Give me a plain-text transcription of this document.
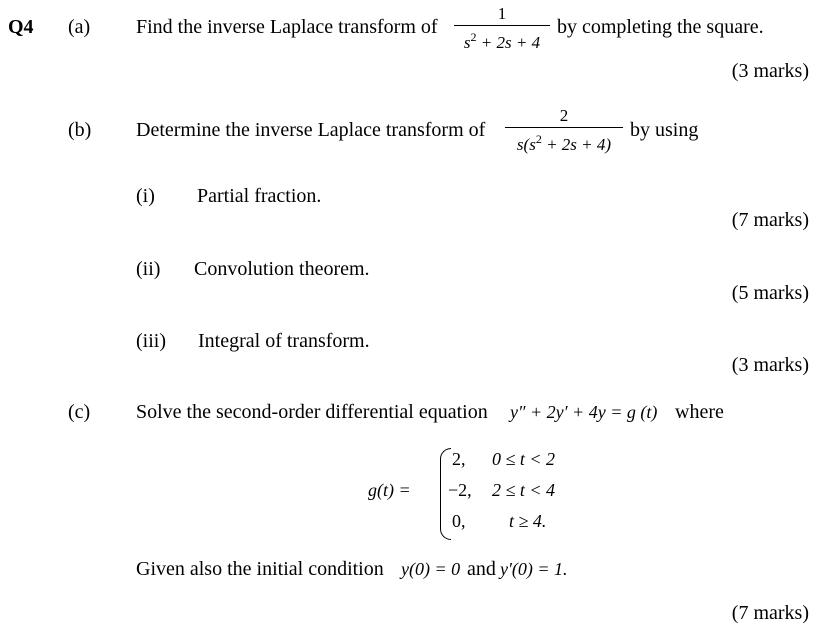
Q4 (a) Find the inverse Laplace transform of
1
$s^2 + 2s + 4$
by completing the square.
(3 marks)
(b) Determine the inverse Laplace transform of
2
$s(s^2 + 2s + 4)$
by using
(i) Partial fraction.
(7 marks)
(ii) Convolution theorem.
(5 marks)
(iii) Integral of transform.
(3 marks)
(c) Solve the second-order differential equation y″ + 2y′ + 4y = g (t) where
g(t) =
2, 0 ≤ t < 2
−2, 2 ≤ t < 4
0, t ≥ 4.
Given also the initial condition y(0) = 0 and y′(0) = 1.
(7 marks)
